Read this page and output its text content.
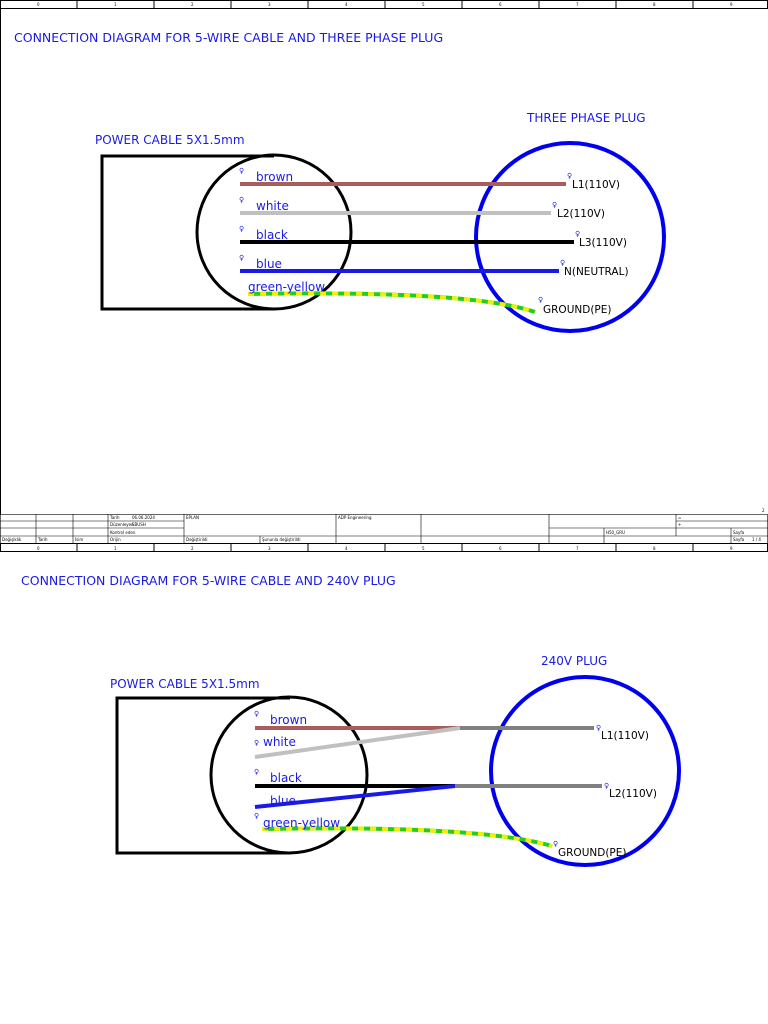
0	1	2	3	4	5	6	7	8	9
CONNECTION DIAGRAM FOR 5-WIRE CABLE AND THREE PHASE PLUG
POWER CABLE 5X1.5mm
THREE PHASE PLUG
brown
white
black
blue
green-yellow
♀
♀
♀
♀
♀
♀
♀
♀
♀
L1(110V)
L2(110V)
L3(110V)
N(NEUTRAL)
GROUND(PE)
2
Tarih	06.06.2024
Düzenleyen
EBUSH
Kontrol eden
EPLAN	ADP Engineering
Değişiklik	Tarih	İsim	Orijin	Değiştirildi	Şununla değiştirildi
H50_GRU	Sayfa
Sayfa 1 / 4
=
+
0	1	2	3	4	5	6	7	8	9
CONNECTION DIAGRAM FOR 5-WIRE CABLE AND 240V PLUG
POWER CABLE 5X1.5mm
240V PLUG
brown
white
black
blue
green-yellow
♀
♀
♀
♀
♀
♀
♀
L1(110V)
L2(110V)
GROUND(PE)
